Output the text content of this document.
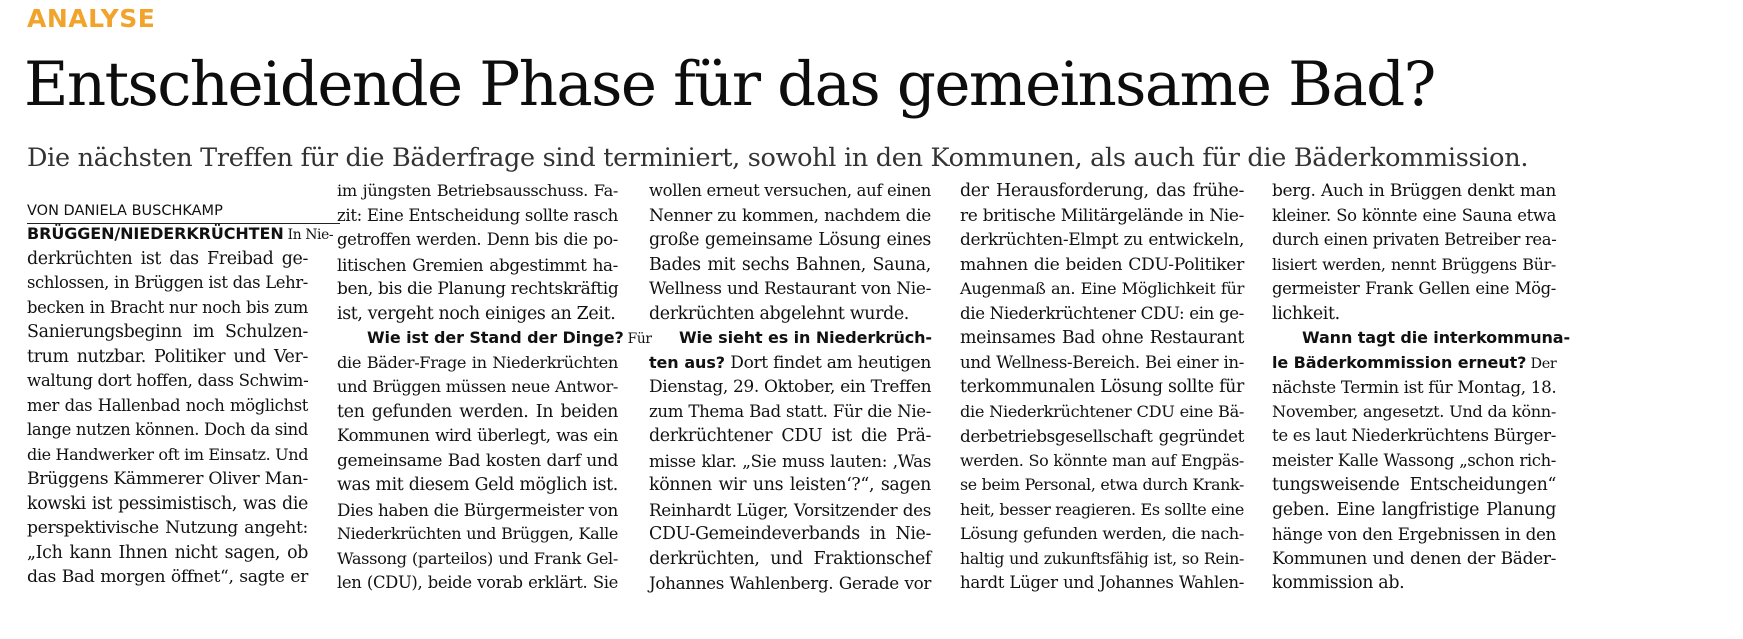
ANALYSE
Entscheidende Phase für das gemeinsame Bad?
Die nächsten Treffen für die Bäderfrage sind terminiert, sowohl in den Kommunen, als auch für die Bäderkommission.
VON DANIELA BUSCHKAMP
BRÜGGEN/NIEDERKRÜCHTEN In Nie-
derkrüchten ist das Freibad ge-
schlossen, in Brüggen ist das Lehr-
becken in Bracht nur noch bis zum
Sanierungsbeginn im Schulzen-
trum nutzbar. Politiker und Ver-
waltung dort hoffen, dass Schwim-
mer das Hallenbad noch möglichst
lange nutzen können. Doch da sind
die Handwerker oft im Einsatz. Und
Brüggens Kämmerer Oliver Man-
kowski ist pessimistisch, was die
perspektivische Nutzung angeht:
„Ich kann Ihnen nicht sagen, ob
das Bad morgen öffnet“, sagte er
im jüngsten Betriebsausschuss. Fa-
zit: Eine Entscheidung sollte rasch
getroffen werden. Denn bis die po-
litischen Gremien abgestimmt ha-
ben, bis die Planung rechtskräftig
ist, vergeht noch einiges an Zeit.
Wie ist der Stand der Dinge? Für
die Bäder-Frage in Niederkrüchten
und Brüggen müssen neue Antwor-
ten gefunden werden. In beiden
Kommunen wird überlegt, was ein
gemeinsame Bad kosten darf und
was mit diesem Geld möglich ist.
Dies haben die Bürgermeister von
Niederkrüchten und Brüggen, Kalle
Wassong (parteilos) und Frank Gel-
len (CDU), beide vorab erklärt. Sie
wollen erneut versuchen, auf einen
Nenner zu kommen, nachdem die
große gemeinsame Lösung eines
Bades mit sechs Bahnen, Sauna,
Wellness und Restaurant von Nie-
derkrüchten abgelehnt wurde.
Wie sieht es in Niederkrüch-
ten aus? Dort findet am heutigen
Dienstag, 29. Oktober, ein Treffen
zum Thema Bad statt. Für die Nie-
derkrüchtener CDU ist die Prä-
misse klar. „Sie muss lauten: ‚Was
können wir uns leisten‘?“, sagen
Reinhardt Lüger, Vorsitzender des
CDU-Gemeindeverbands in Nie-
derkrüchten, und Fraktionschef
Johannes Wahlenberg. Gerade vor
der Herausforderung, das frühe-
re britische Militärgelände in Nie-
derkrüchten-Elmpt zu entwickeln,
mahnen die beiden CDU-Politiker
Augenmaß an. Eine Möglichkeit für
die Niederkrüchtener CDU: ein ge-
meinsames Bad ohne Restaurant
und Wellness-Bereich. Bei einer in-
terkommunalen Lösung sollte für
die Niederkrüchtener CDU eine Bä-
derbetriebsgesellschaft gegründet
werden. So könnte man auf Engpäs-
se beim Personal, etwa durch Krank-
heit, besser reagieren. Es sollte eine
Lösung gefunden werden, die nach-
haltig und zukunftsfähig ist, so Rein-
hardt Lüger und Johannes Wahlen-
berg. Auch in Brüggen denkt man
kleiner. So könnte eine Sauna etwa
durch einen privaten Betreiber rea-
lisiert werden, nennt Brüggens Bür-
germeister Frank Gellen eine Mög-
lichkeit.
Wann tagt die interkommuna-
le Bäderkommission erneut? Der
nächste Termin ist für Montag, 18.
November, angesetzt. Und da könn-
te es laut Niederkrüchtens Bürger-
meister Kalle Wassong „schon rich-
tungsweisende Entscheidungen“
geben. Eine langfristige Planung
hänge von den Ergebnissen in den
Kommunen und denen der Bäder-
kommission ab.
